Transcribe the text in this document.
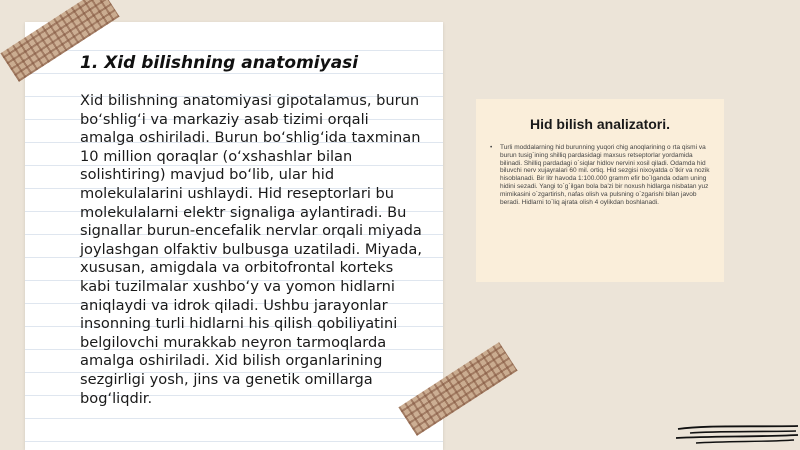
1. Xid bilishning anatomiyasi

Xid bilishning anatomiyasi gipotalamus, burun bo‘shlig‘i va markaziy asab tizimi orqali amalga oshiriladi. Burun bo‘shlig‘ida taxminan 10 million qoraqlar (o‘xshashlar bilan solishtiring) mavjud bo‘lib, ular hid molekulalarini ushlaydi. Hid reseptorlari bu molekulalarni elektr signaliga aylantiradi. Bu signallar burun-encefalik nervlar orqali miyada joylashgan olfaktiv bulbusga uzatiladi. Miyada, xususan, amigdala va orbitofrontal korteks kabi tuzilmalar xushbo‘y va yomon hidlarni aniqlaydi va idrok qiladi. Ushbu jarayonlar insonning turli hidlarni his qilish qobiliyatini belgilovchi murakkab neyron tarmoqlarda amalga oshiriladi. Xid bilish organlarining sezgirligi yosh, jins va genetik omillarga bog‘liqdir.

Hid bilish analizatori.
• Turli moddalarning hid burunning yuqori chig anoqlarining o rta qismi va burun tusig`ining shilliq pardasidagi maxsus retseptorlar yordamida bilinadi. Shilliq pardadagi o`siqlar hidlov nervini xosil qiladi. Odamda hid biluvchi nerv xujayralari 60 mil. ortiq. Hid sezgisi nixoyatda o`tkir va nozik hisoblanadi. Bir litr havoda 1:100.000 gramm efir bo`lganda odam uning hidini sezadi. Yangi to`g`ilgan bola ba'zi bir noxush hidlarga nisbatan yuz mimikasini o`zgartirish, nafas olish va pulsning o`zgarishi bilan javob beradi. Hidlarni to`liq ajrata olish 4 oylikdan boshlanadi.
